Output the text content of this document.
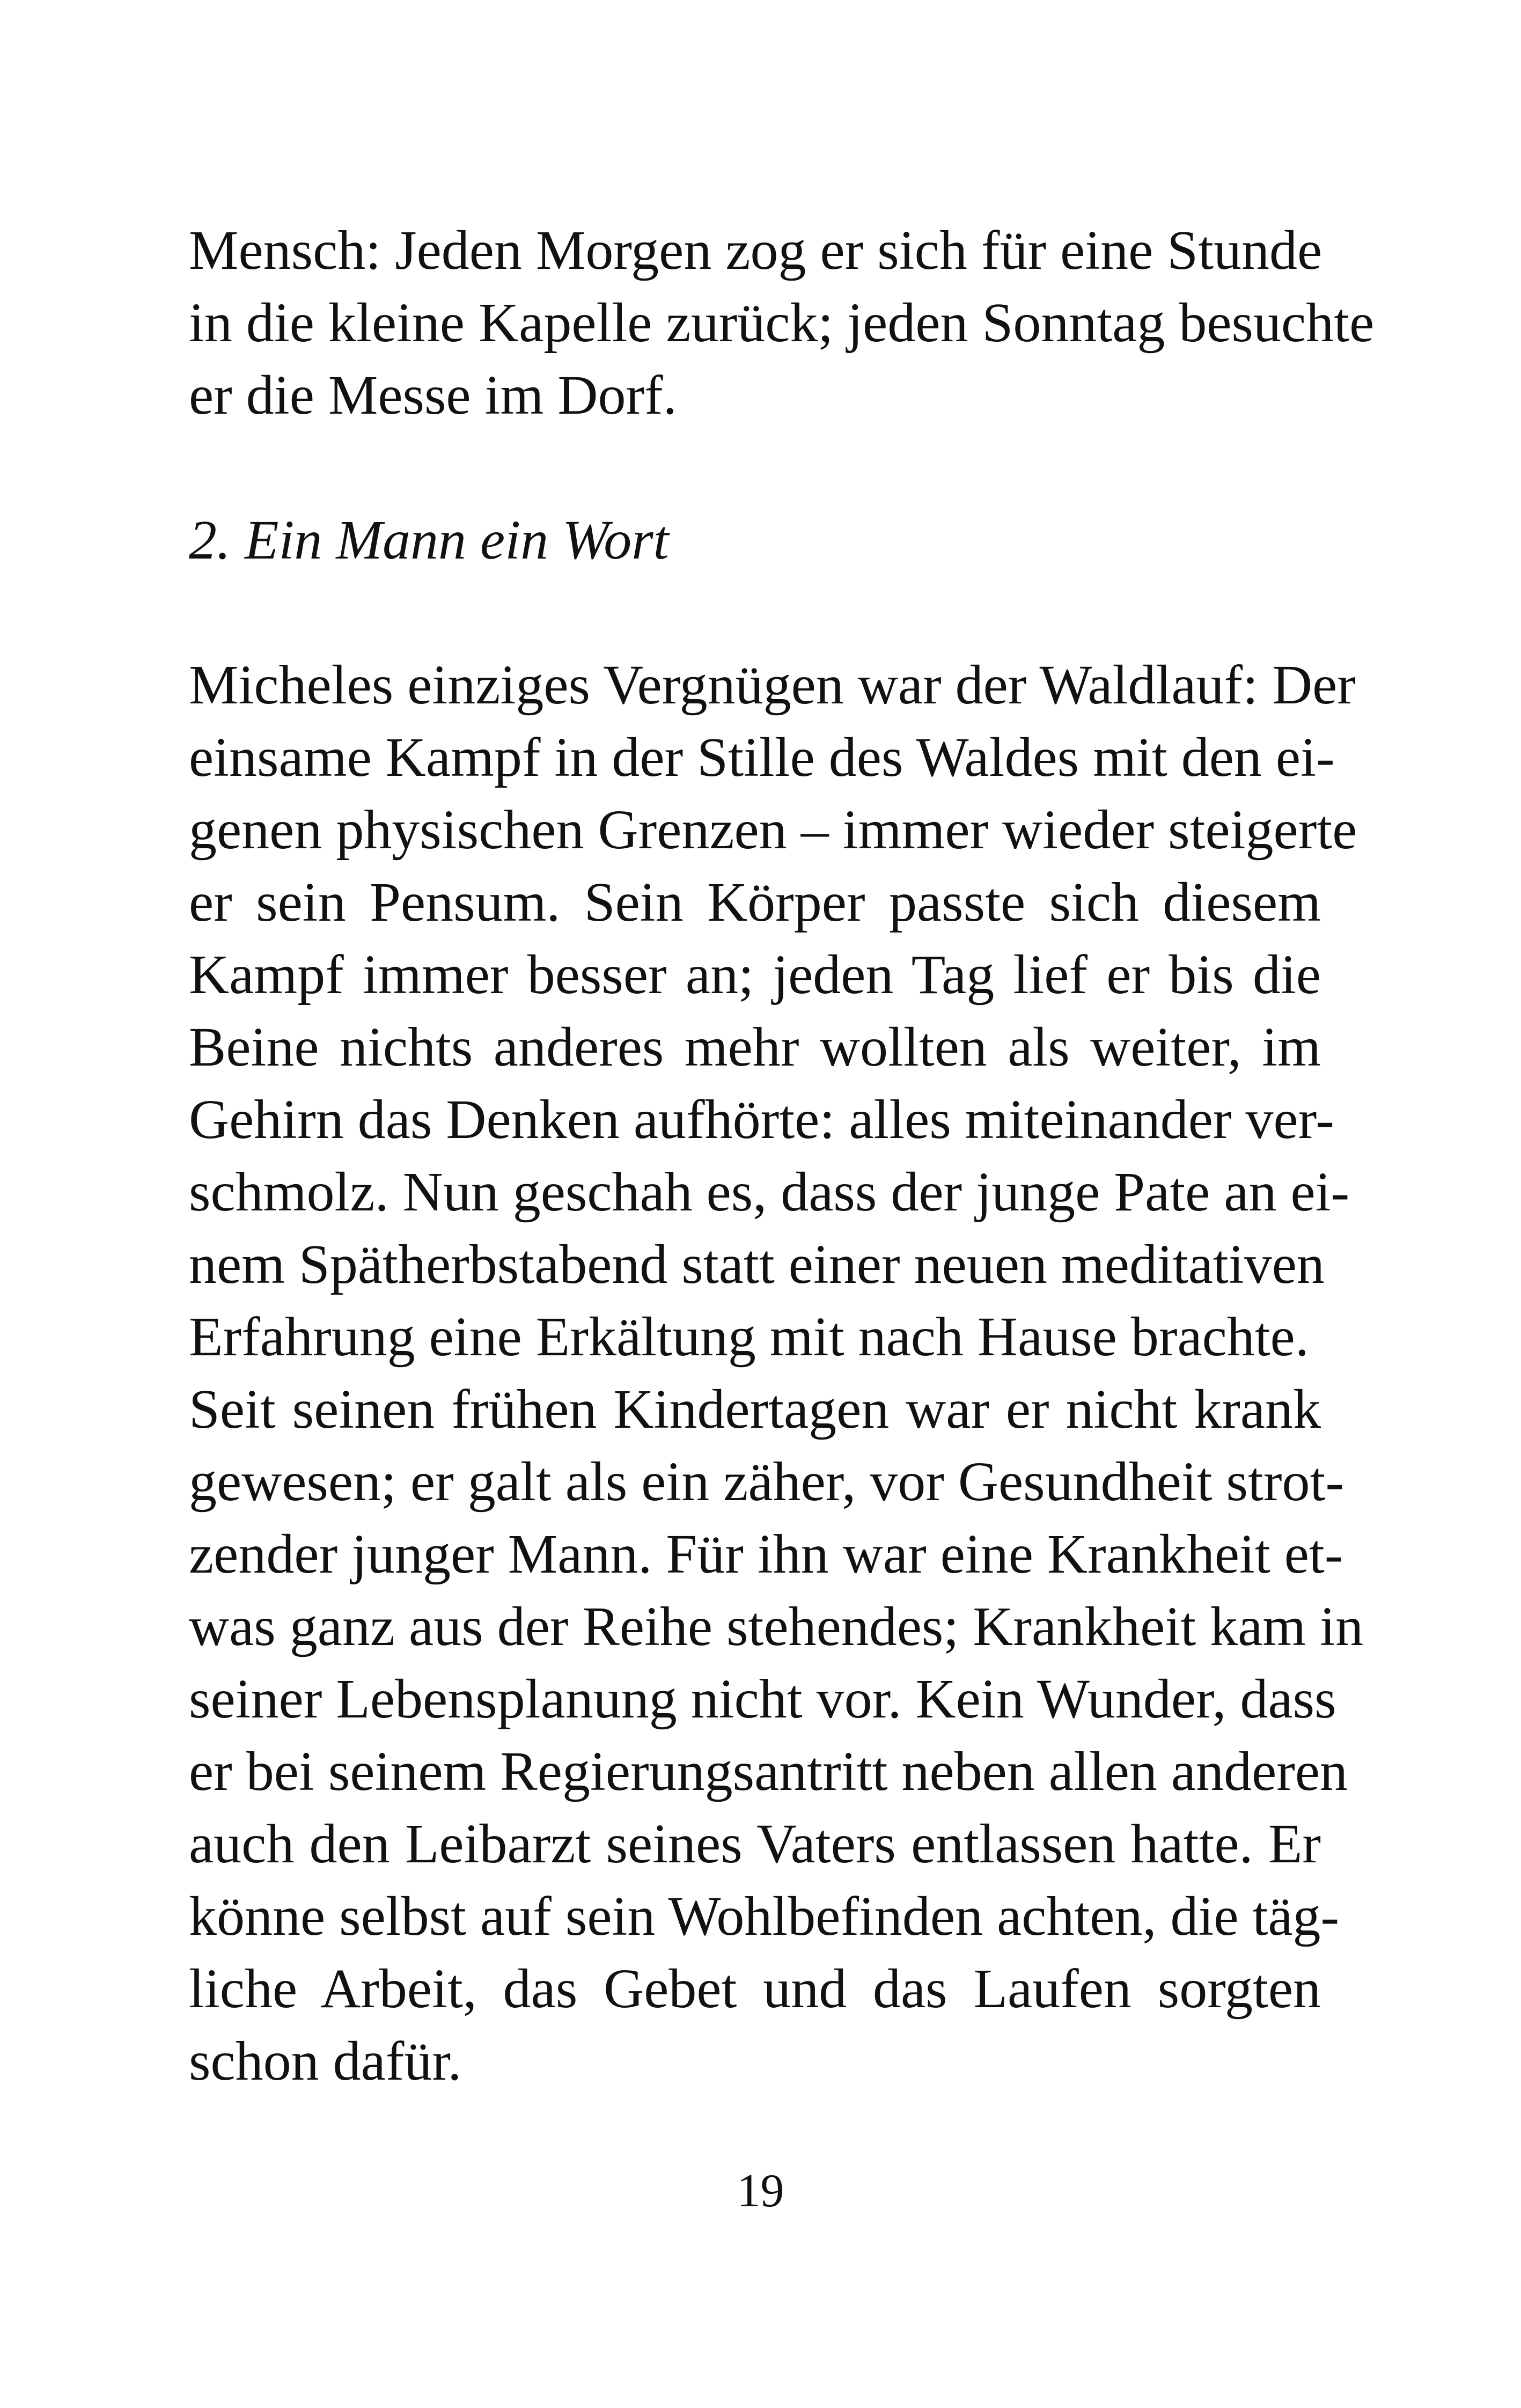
Mensch: Jeden Morgen zog er sich für eine Stunde
in die kleine Kapelle zurück; jeden Sonntag besuchte
er die Messe im Dorf.
2. Ein Mann ein Wort
Micheles einziges Vergnügen war der Waldlauf: Der
einsame Kampf in der Stille des Waldes mit den ei-
genen physischen Grenzen – immer wieder steigerte
er sein Pensum. Sein Körper passte sich diesem
Kampf immer besser an; jeden Tag lief er bis die
Beine nichts anderes mehr wollten als weiter, im
Gehirn das Denken aufhörte: alles miteinander ver-
schmolz. Nun geschah es, dass der junge Pate an ei-
nem Spätherbstabend statt einer neuen meditativen
Erfahrung eine Erkältung mit nach Hause brachte.
Seit seinen frühen Kindertagen war er nicht krank
gewesen; er galt als ein zäher, vor Gesundheit strot-
zender junger Mann. Für ihn war eine Krankheit et-
was ganz aus der Reihe stehendes; Krankheit kam in
seiner Lebensplanung nicht vor. Kein Wunder, dass
er bei seinem Regierungsantritt neben allen anderen
auch den Leibarzt seines Vaters entlassen hatte. Er
könne selbst auf sein Wohlbefinden achten, die täg-
liche Arbeit, das Gebet und das Laufen sorgten
schon dafür.
19
